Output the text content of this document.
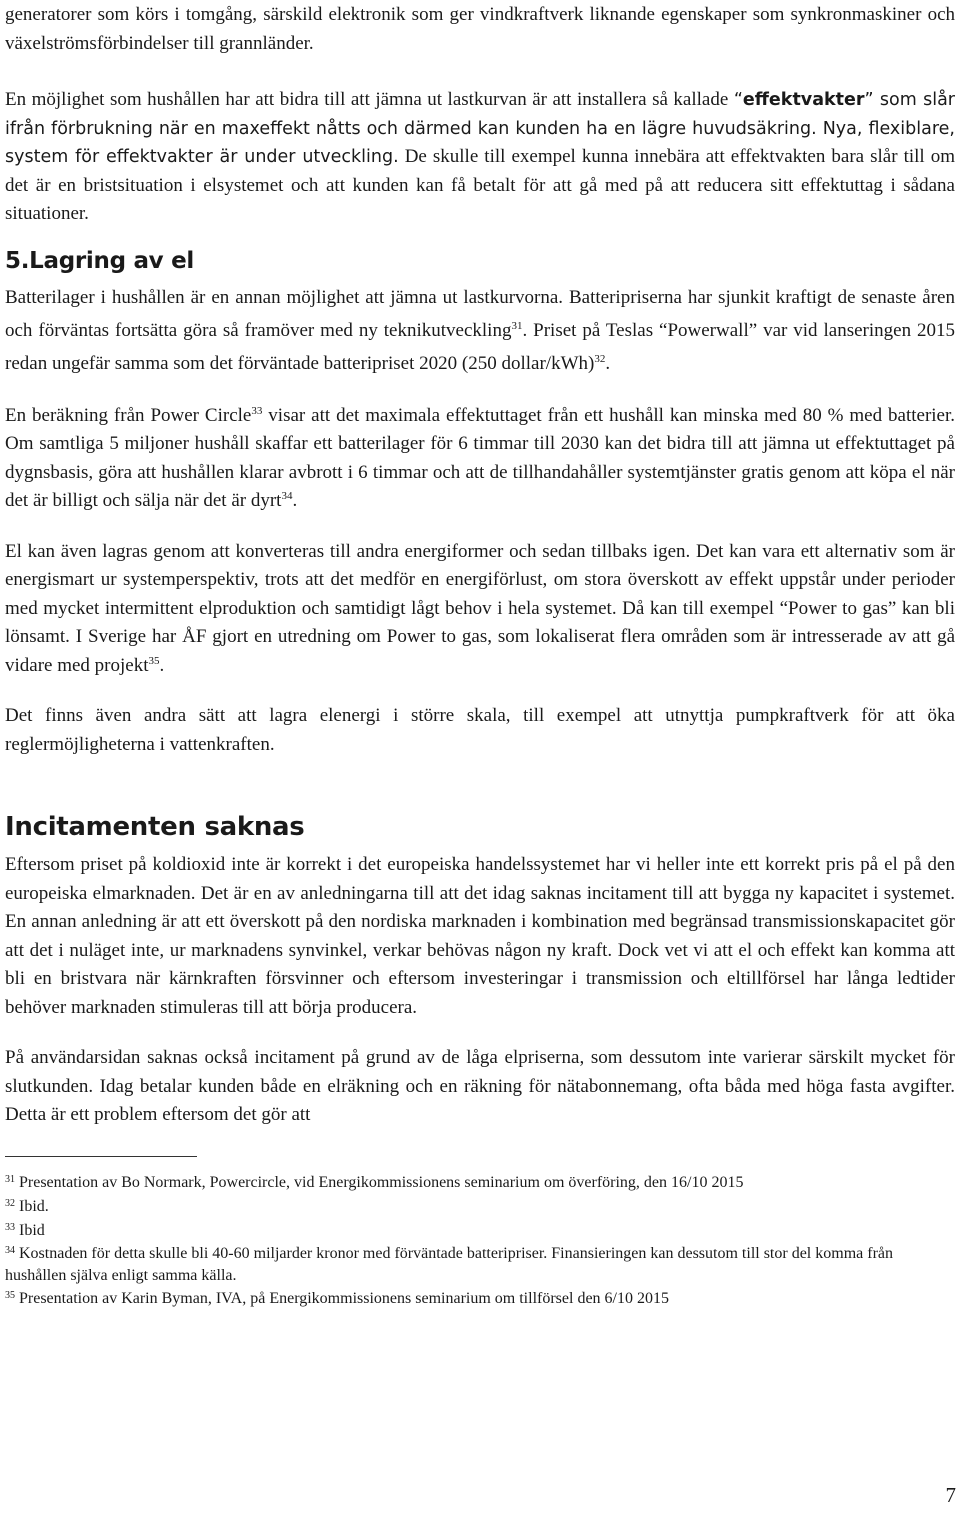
generatorer som körs i tomgång, särskild elektronik som ger vindkraftverk liknande egenskaper som synkronmaskiner och växelströmsförbindelser till grannländer.

En möjlighet som hushållen har att bidra till att jämna ut lastkurvan är att installera så kallade “effektvakter” som slår ifrån förbrukning när en maxeffekt nåtts och därmed kan kunden ha en lägre huvudsäkring. Nya, flexiblare, system för effektvakter är under utveckling. De skulle till exempel kunna innebära att effektvakten bara slår till om det är en bristsituation i elsystemet och att kunden kan få betalt för att gå med på att reducera sitt effektuttag i sådana situationer.

5.Lagring av el

Batterilager i hushållen är en annan möjlighet att jämna ut lastkurvorna. Batteripriserna har sjunkit kraftigt de senaste åren och förväntas fortsätta göra så framöver med ny teknikutveckling$^{31}$. Priset på Teslas “Powerwall” var vid lanseringen 2015 redan ungefär samma som det förväntade batteripriset 2020 (250 dollar/kWh)$^{32}$.

En beräkning från Power Circle$^{33}$ visar att det maximala effektuttaget från ett hushåll kan minska med 80 % med batterier. Om samtliga 5 miljoner hushåll skaffar ett batterilager för 6 timmar till 2030 kan det bidra till att jämna ut effektuttaget på dygnsbasis, göra att hushållen klarar avbrott i 6 timmar och att de tillhandahåller systemtjänster gratis genom att köpa el när det är billigt och sälja när det är dyrt$^{34}$.

El kan även lagras genom att konverteras till andra energiformer och sedan tillbaks igen. Det kan vara ett alternativ som är energismart ur systemperspektiv, trots att det medför en energiförlust, om stora överskott av effekt uppstår under perioder med mycket intermittent elproduktion och samtidigt lågt behov i hela systemet. Då kan till exempel “Power to gas” kan bli lönsamt. I Sverige har ÅF gjort en utredning om Power to gas, som lokaliserat flera områden som är intresserade av att gå vidare med projekt$^{35}$.

Det finns även andra sätt att lagra elenergi i större skala, till exempel att utnyttja pumpkraftverk för att öka reglermöjligheterna i vattenkraften.

Incitamenten saknas

Eftersom priset på koldioxid inte är korrekt i det europeiska handelssystemet har vi heller inte ett korrekt pris på el på den europeiska elmarknaden. Det är en av anledningarna till att det idag saknas incitament till att bygga ny kapacitet i systemet. En annan anledning är att ett överskott på den nordiska marknaden i kombination med begränsad transmissionskapacitet gör att det i nuläget inte, ur marknadens synvinkel, verkar behövas någon ny kraft. Dock vet vi att el och effekt kan komma att bli en bristvara när kärnkraften försvinner och eftersom investeringar i transmission och eltillförsel har långa ledtider behöver marknaden stimuleras till att börja producera.

På användarsidan saknas också incitament på grund av de låga elpriserna, som dessutom inte varierar särskilt mycket för slutkunden. Idag betalar kunden både en elräkning och en räkning för nätabonnemang, ofta båda med höga fasta avgifter. Detta är ett problem eftersom det gör att

$^{31}$ Presentation av Bo Normark, Powercircle, vid Energikommissionens seminarium om överföring, den 16/10 2015
$^{32}$ Ibid.
$^{33}$ Ibid
$^{34}$ Kostnaden för detta skulle bli 40-60 miljarder kronor med förväntade batteripriser. Finansieringen kan dessutom till stor del komma från hushållen själva enligt samma källa.
$^{35}$ Presentation av Karin Byman, IVA, på Energikommissionens seminarium om tillförsel den 6/10 2015
7
